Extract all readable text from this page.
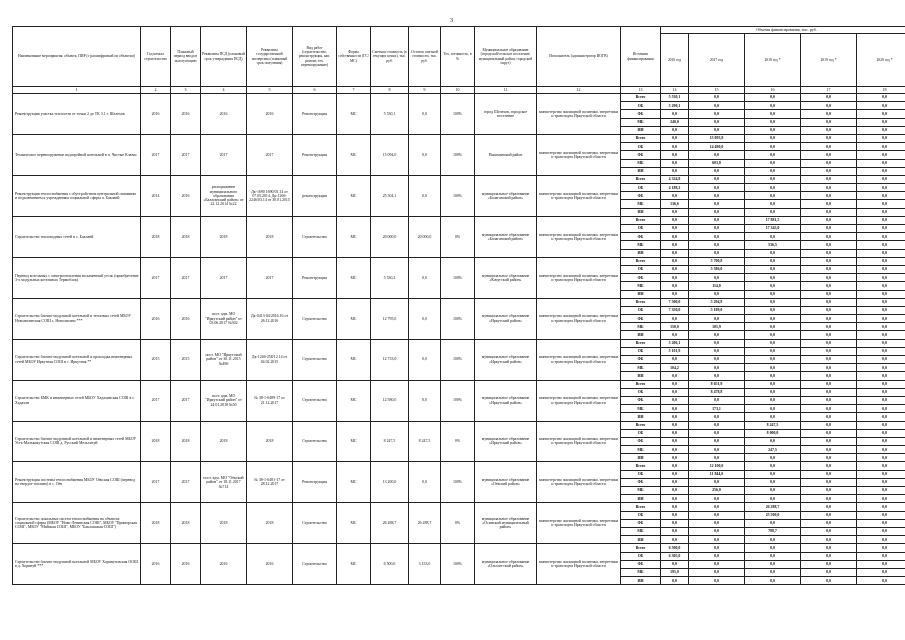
3
Наименование мероприятия, объекта, ПИР (с расшифровкой по объектам)	Год начала строительства	Плановый период ввода в эксплуатацию	Реквизиты ПСД (плановый срок утверждения ПСД)	Реквизиты государственной экспертизы (плановый срок получения)	Вид работ (строительство, реконструкция, кап. ремонт, тех. перевооружение)	Форма собственности (ГС/МС)	Сметная стоимость (в текущих ценах), тыс. руб.	Остаток сметной стоимости, тыс. руб.	Тех. готовность, в %	Муниципальное образование (городской/сельское поселение, муниципальный район, городской округ)	Исполнитель (администратор ИОГВ)	Источник финансирования	Объемы финансирования, тыс. руб.				
													2016 год	2017 год	2018 год *	2019 год *	2020 год *
1	2	3	4	5	6	7	8	9	10	11	12	13	14	15	16	17	18
Реконструкция участка теплосети от точки 2 до ТК 3.1 г. Шелехов	2016	2016	2016	2016	Реконструкция	МС	5 530,1	0,0	100%	город Шелехов, городское поселение	министерство жилищной политики, энергетики и транспорта Иркутской области	Всего	5 530,1	0,0	0,0	0,0	0,0
												ОБ	5 290,1	0,0	0,0	0,0	0,0
												ФБ	0,0	0,0	0,0	0,0	0,0
												МБ	240,0	0,0	0,0	0,0	0,0
												ИИ	0,0	0,0	0,0	0,0	0,0
Техническое перевооружение водогрейной котельной в п. Чистые Ключи	2017	2017	2017	2017	Реконструкция	МС	15 094,0	0,0	100%	Пышминский район	министерство жилищной политики, энергетики и транспорта Иркутской области	Всего	0,0	15 093,8	0,0	0,0	0,0
												ОБ	0,0	14 490,0	0,0	0,0	0,0
												ФБ	0,0	0,0	0,0	0,0	0,0
												МБ	0,0	603,8	0,0	0,0	0,0
												ИИ	0,0	0,0	0,0	0,0	0,0
Реконструкция теплоснабжения с обустройством центральной скважины и подключением к учреждениям социальной сферы п. Бакланй	2014	2016	распоряжение муниципального образования «Балаганский район» от 22.12.2014 №22	Дк-1690 1690/01.14 от 07.05.2014, Дк-1266-2246/03.14 от 30.01.2015	реконструкция	МС	25 304,1	0,0	100%	муниципальное образование «Балаганский район»	министерство жилищной политики, энергетики и транспорта Иркутской области	Всего	4 324,8	0,0	0,0	0,0	0,0
												ОБ	4 188,2	0,0	0,0	0,0	0,0
												ФБ	0,0	0,0	0,0	0,0	0,0
												МБ	136,6	0,0	0,0	0,0	0,0
												ИИ	0,0	0,0	0,0	0,0	0,0
Строительство тепловодных сетей в с. Бакланй	2018	2018	2018	2018	Строительство	МС	20 000,0	20 000,0	0%	муниципальное образование «Балаганский район»	министерство жилищной политики, энергетики и транспорта Иркутской области	Всего	0,0	0,0	17 881,5	0,0	0,0
												ОБ	0,0	0,0	17 345,0	0,0	0,0
												ФБ	0,0	0,0	0,0	0,0	0,0
												МБ	0,0	0,0	536,5	0,0	0,0
												ИИ	0,0	0,0	0,0	0,0	0,0
Перевод котельных с электроотопления на каменный уголь (приобретение 3-х модульных котельных Термоблок)	2017	2017	2017	2017	Реконструкция	МС	5 530,2	0,0	100%	муниципальное образование «Качугский район»	министерство жилищной политики, энергетики и транспорта Иркутской области	Всего	0,0	5 700,8	0,0	0,0	0,0
												ОБ	0,0	5 586,0	0,0	0,0	0,0
												ФБ	0,0	0,0	0,0	0,0	0,0
												МБ	0,0	114,8	0,0	0,0	0,0
												ИИ	0,0	0,0	0,0	0,0	0,0
Строительство блочно-модульной котельной и тепловых сетей МБОУ Новолисинская СОШ с. Новолисино ***	2016	2016	пост. адм. МО "Иркутский район" от 03.06.2017 №302	Дк-0413-04/2016.16 от 26.12.2016	Строительство	МС	12 795,0	0,0	100%	муниципальное образование «Иркутский район»	министерство жилищной политики, энергетики и транспорта Иркутской области	Всего	7 500,0	5 294,9	0,0	0,0	0,0
												ОБ	7 350,0	5 189,0	0,0	0,0	0,0
												ФБ	0,0	0,0	0,0	0,0	0,0
												МБ	150,0	105,9	0,0	0,0	0,0
												ИИ	0,0	0,0	0,0	0,0	0,0
Строительство блочно-модульной котельной и прокладка инженерных сетей МБОУ Иркутная СОШ в с. Иркутная **	2015	2015	пост. МО "Иркутский район" от 30.11.2015 №496	Дк-1246-258/12.14 от 04.02.2015	Строительство	МС	12 733,0	0,0	100%	муниципальное образование «Иркутский район»	министерство жилищной политики, энергетики и транспорта Иркутской области	Всего	5 206,1	0,0	0,0	0,0	0,0
												ОБ	5 101,9	0,0	0,0	0,0	0,0
												ФБ	0,0	0,0	0,0	0,0	0,0
												МБ	104,2	0,0	0,0	0,0	0,0
												ИИ	0,0	0,0	0,0	0,0	0,0
Строительство БМК и инженерных сетей МБОУ Хадахинская СОШ в с. Хадахан	2017	2017	пост. адм. МО "Иркутский район" от 24.01.2018 №50	№ 38-1-0489-17 от 21.12.2017	Строительство	МС	12 580,0	0,0	100%	муниципальное образование «Иркутский район»	министерство жилищной политики, энергетики и транспорта Иркутской области	Всего	0,0	8 651,9	0,0	0,0	0,0
												ОБ	0,0	8 478,8	0,0	0,0	0,0
												ФБ	0,0	0,0	0,0	0,0	0,0
												МБ	0,0	173,1	0,0	0,0	0,0
												ИИ	0,0	0,0	0,0	0,0	0,0
Строительство блочно-модульной котельной и инженерных сетей МБОУ Усть-Малышкутская СОШ д. Русский Мельхитуй	2018	2018	2018	2018	Строительство	МС	8 247,5	8 247,5	0%	муниципальное образование «Иркутский район»	министерство жилищной политики, энергетики и транспорта Иркутской области	Всего	0,0	0,0	8 247,5	0,0	0,0
												ОБ	0,0	0,0	8 000,0	0,0	0,0
												ФБ	0,0	0,0	0,0	0,0	0,0
												МБ	0,0	0,0	247,5	0,0	0,0
												ИИ	0,0	0,0	0,0	0,0	0,0
Реконструкция системы теплоснабжения МБОУ Оёкская СОШ (перевод на твердое топливо) в с. Оёк	2017	2017	пост. адм. МО "Оёкский район" от 18.11.2017 №714	№ 38-1-0481-17 от 28.12.2017	Реконструкция	МС	13 200,0	0,0	100%	муниципальное образование «Оёкский район»	министерство жилищной политики, энергетики и транспорта Иркутской области	Всего	0,0	12 100,0	0,0	0,0	0,0
												ОБ	0,0	11 844,0	0,0	0,0	0,0
												ФБ	0,0	0,0	0,0	0,0	0,0
												МБ	0,0	256,0	0,0	0,0	0,0
												ИИ	0,0	0,0	0,0	0,0	0,0
Строительство локальных систем теплоснабжения на объектах социальной сферы (МБОУ "Ново-Ленинская СОШ", МБОУ "Приморская СОШ", МБОУ "Майская СОШ", МБОУ "Баклашская СОШ")	2018	2018	2018	2018	Строительство	МС	26 288,7	26 288,7	0%	муниципальное образование «Осинский муниципальный район»	министерство жилищной политики, энергетики и транспорта Иркутской области	Всего	0,0	0,0	26 288,7	0,0	0,0
												ОБ	0,0	0,0	25 500,0	0,0	0,0
												ФБ	0,0	0,0	0,0	0,0	0,0
												МБ	0,0	0,0	788,7	0,0	0,0
												ИИ	0,0	0,0	0,0	0,0	0,0
Строительство блочно-модульной котельной МБОУ Хоринуховская ООШ в д. Хоринуй ***	2016	2016	2016	2016	Строительство	МС	6 500,0	3 153,0	100%	муниципальное образование «Ольхон-ский район»	министерство жилищной политики, энергетики и транспорта Иркутской области	Всего	6 500,0	0,0	0,0	0,0	0,0
												ОБ	6 305,0	0,0	0,0	0,0	0,0
												ФБ	0,0	0,0	0,0	0,0	0,0
												МБ	195,0	0,0	0,0	0,0	0,0
												ИИ	0,0	0,0	0,0	0,0	0,0
